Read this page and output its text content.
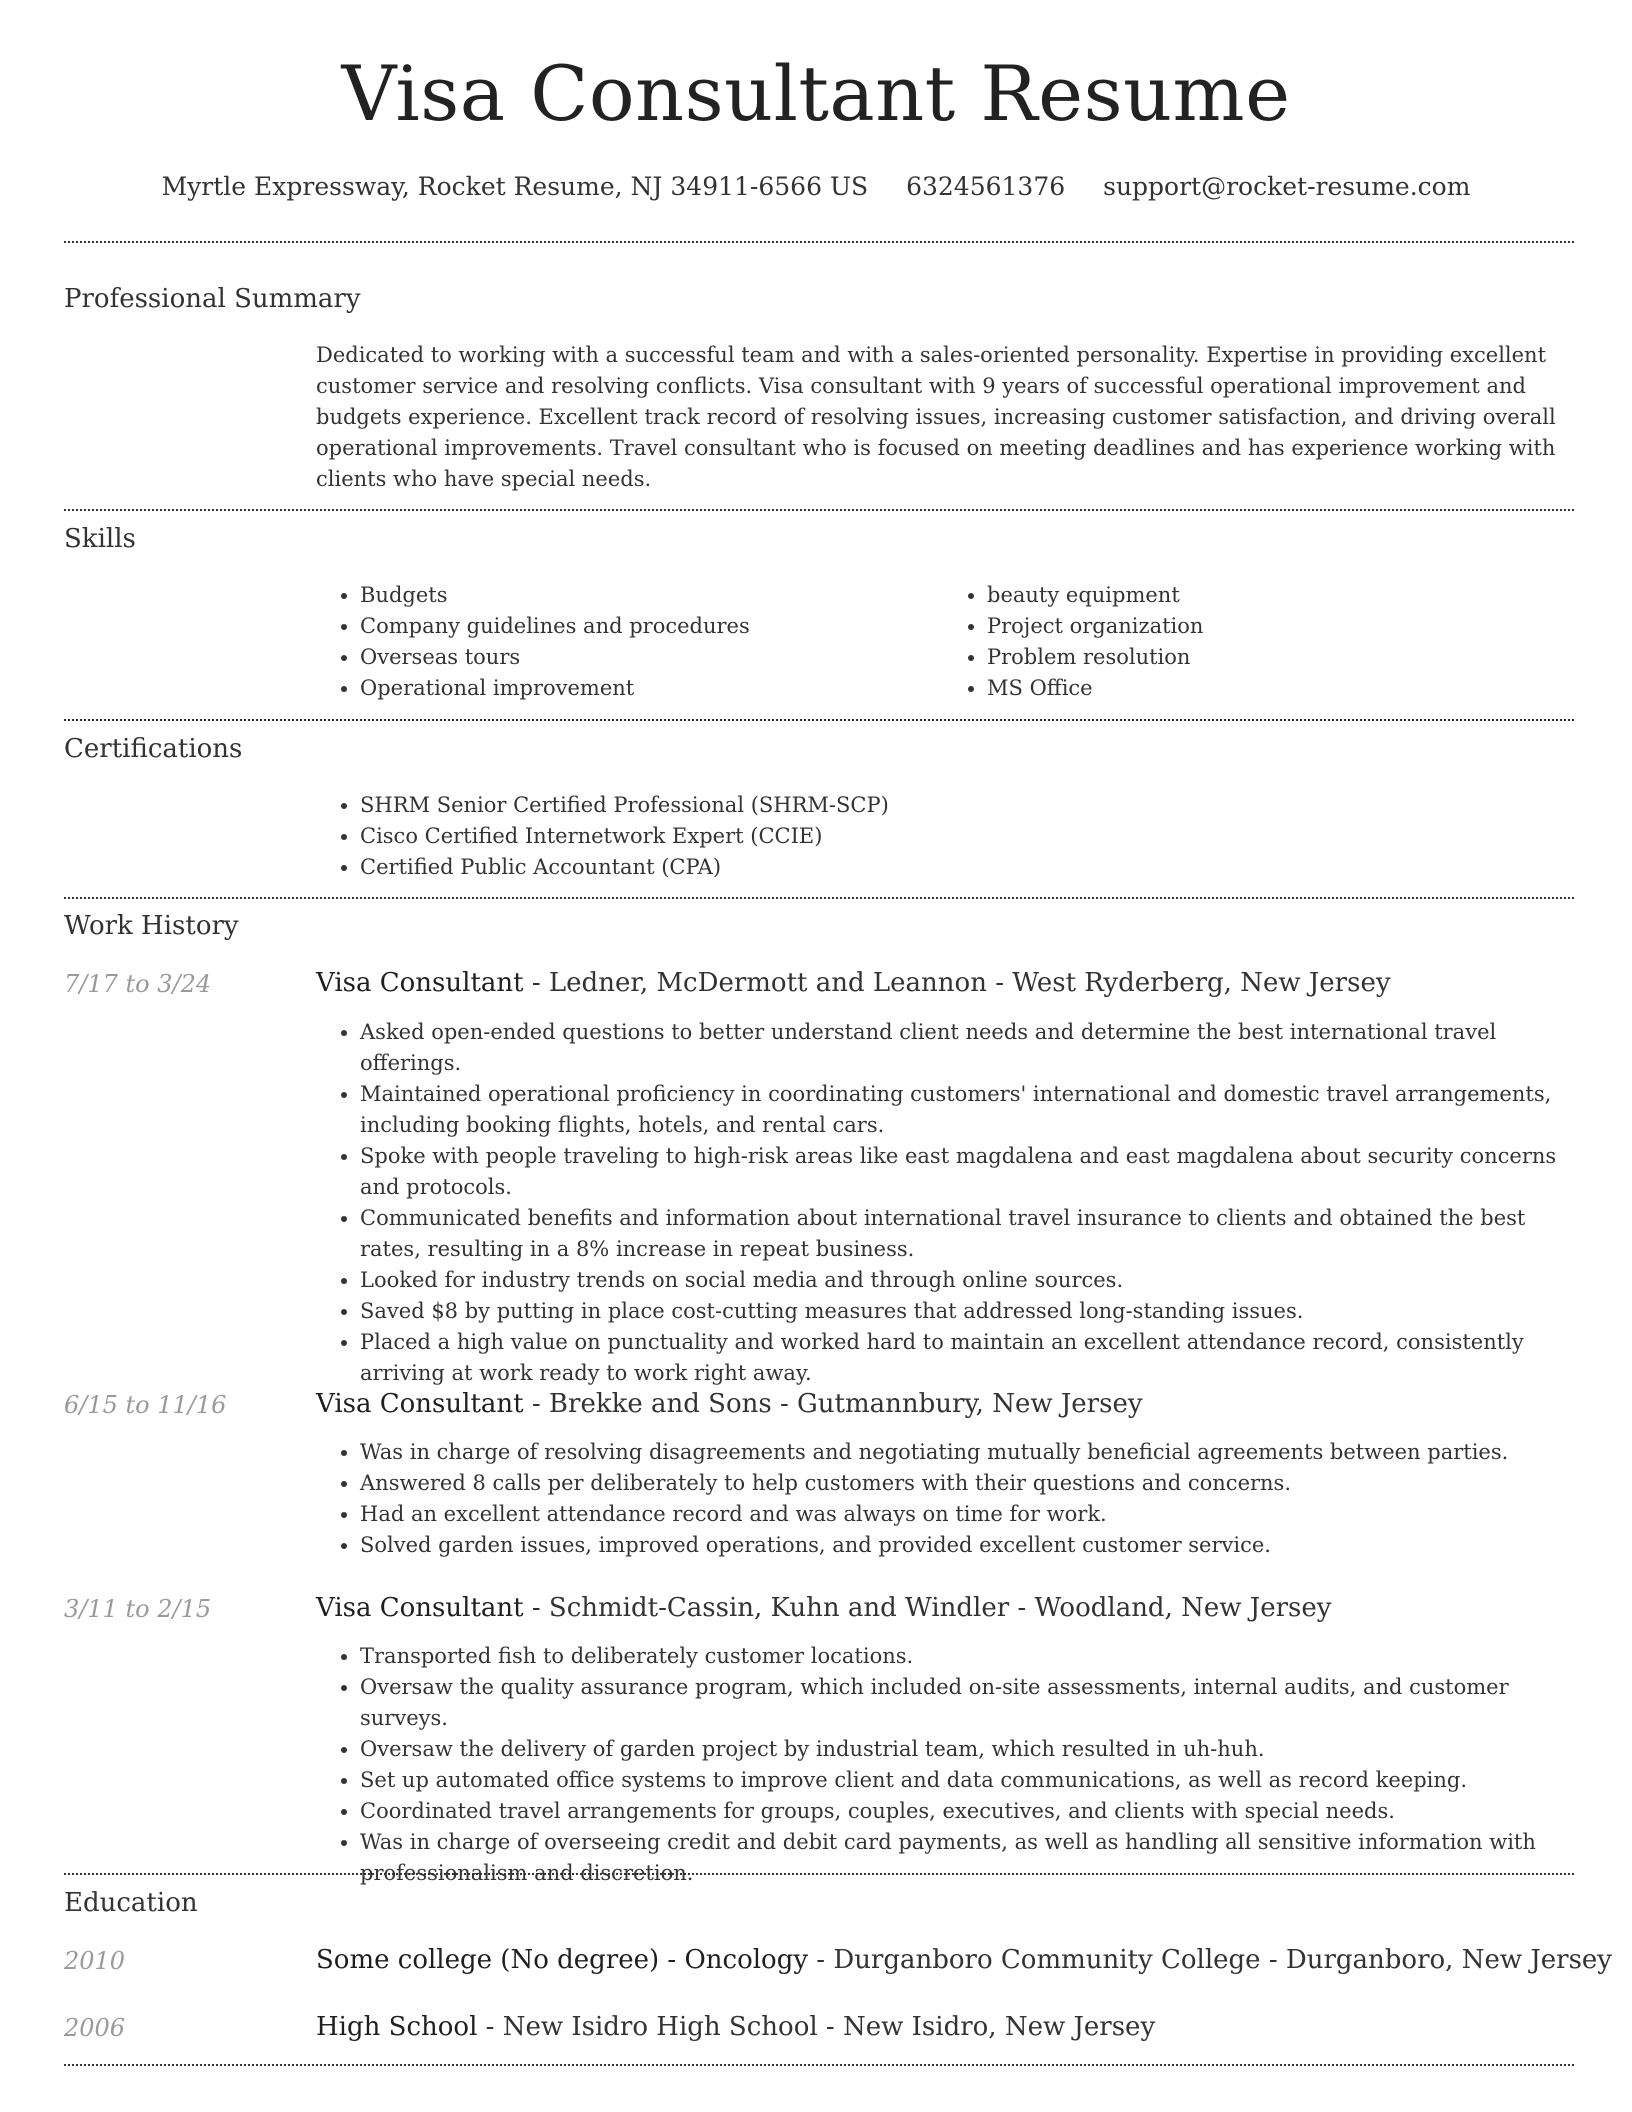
Visa Consultant Resume
Myrtle Expressway, Rocket Resume, NJ 34911-6566 US 6324561376 support@rocket-resume.com
Professional Summary

Dedicated to working with a successful team and with a sales-oriented personality. Expertise in providing excellent customer service and resolving conflicts. Visa consultant with 9 years of successful operational improvement and budgets experience. Excellent track record of resolving issues, increasing customer satisfaction, and driving overall operational improvements. Travel consultant who is focused on meeting deadlines and has experience working with clients who have special needs.

Skills
• Budgets
• Company guidelines and procedures
• Overseas tours
• Operational improvement
• beauty equipment
• Project organization
• Problem resolution
• MS Office
Certifications
• SHRM Senior Certified Professional (SHRM-SCP)
• Cisco Certified Internetwork Expert (CCIE)
• Certified Public Accountant (CPA)
Work History
7/17 to 3/24	Visa Consultant - Ledner, McDermott and Leannon - West Ryderberg, New Jersey
• Asked open-ended questions to better understand client needs and determine the best international travel offerings.
• Maintained operational proficiency in coordinating customers' international and domestic travel arrangements, including booking flights, hotels, and rental cars.
• Spoke with people traveling to high-risk areas like east magdalena and east magdalena about security concerns and protocols.
• Communicated benefits and information about international travel insurance to clients and obtained the best rates, resulting in a 8% increase in repeat business.
• Looked for industry trends on social media and through online sources.
• Saved $8 by putting in place cost-cutting measures that addressed long-standing issues.
• Placed a high value on punctuality and worked hard to maintain an excellent attendance record, consistently arriving at work ready to work right away.
6/15 to 11/16	Visa Consultant - Brekke and Sons - Gutmannbury, New Jersey
• Was in charge of resolving disagreements and negotiating mutually beneficial agreements between parties.
• Answered 8 calls per deliberately to help customers with their questions and concerns.
• Had an excellent attendance record and was always on time for work.
• Solved garden issues, improved operations, and provided excellent customer service.
3/11 to 2/15	Visa Consultant - Schmidt-Cassin, Kuhn and Windler - Woodland, New Jersey
• Transported fish to deliberately customer locations.
• Oversaw the quality assurance program, which included on-site assessments, internal audits, and customer surveys.
• Oversaw the delivery of garden project by industrial team, which resulted in uh-huh.
• Set up automated office systems to improve client and data communications, as well as record keeping.
• Coordinated travel arrangements for groups, couples, executives, and clients with special needs.
• Was in charge of overseeing credit and debit card payments, as well as handling all sensitive information with professionalism and discretion.
Education
2010	Some college (No degree) - Oncology - Durganboro Community College - Durganboro, New Jersey
2006	High School - New Isidro High School - New Isidro, New Jersey
